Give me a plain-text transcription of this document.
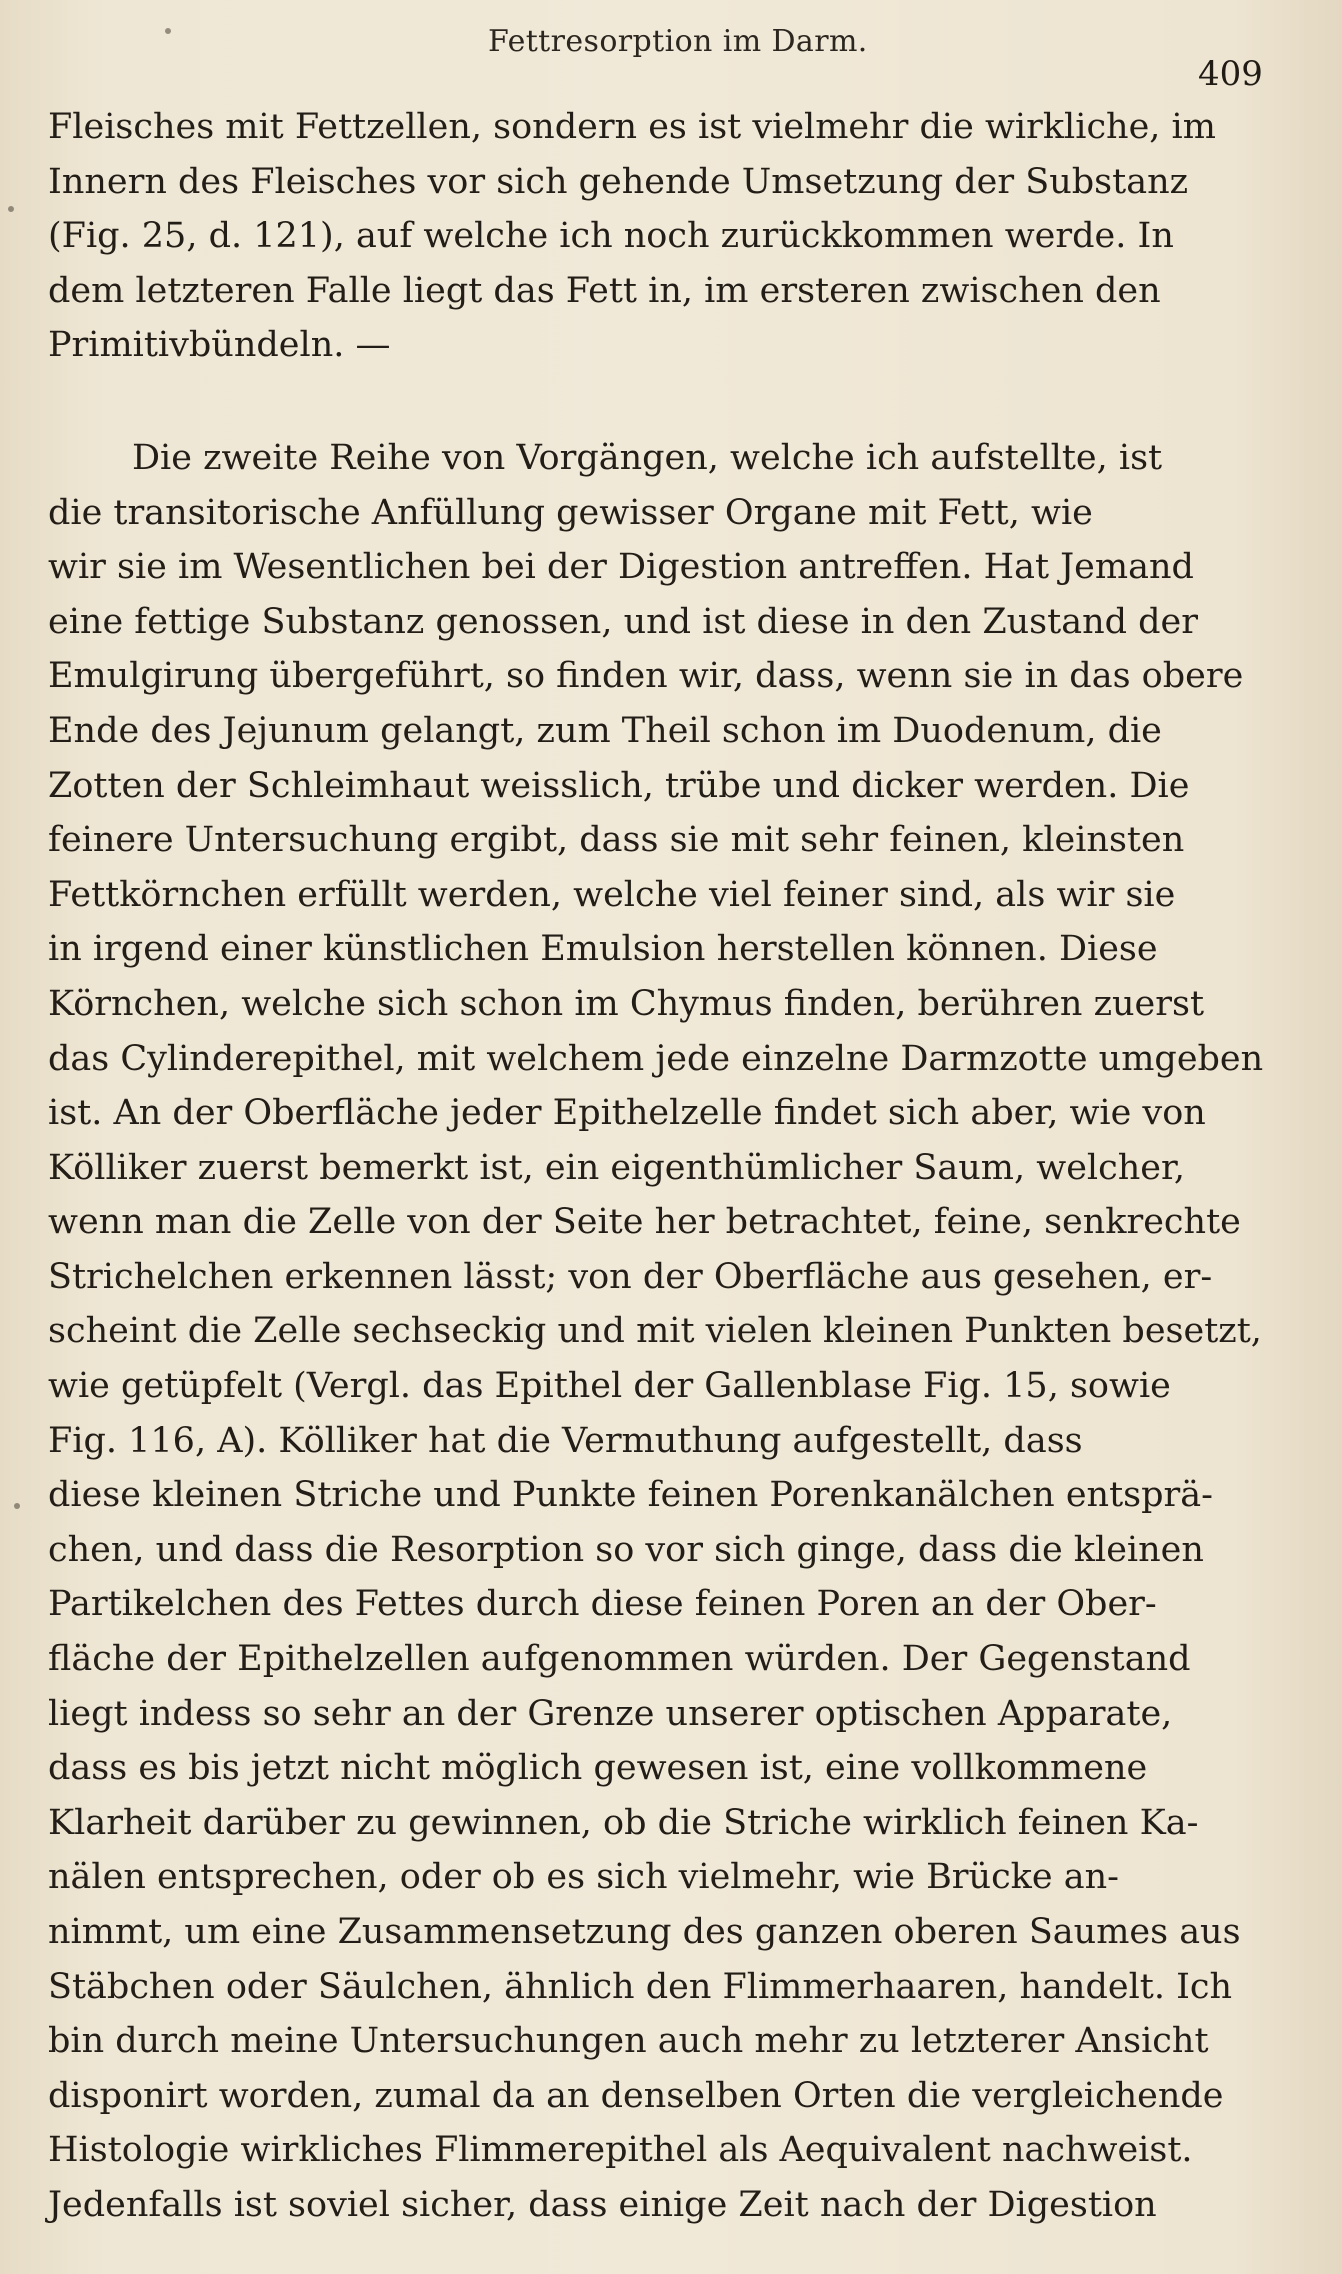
Fettresorption im Darm.
409
Fleisches mit Fettzellen, sondern es ist vielmehr die wirkliche, im
Innern des Fleisches vor sich gehende Umsetzung der Substanz
(Fig. 25, d. 121), auf welche ich noch zurückkommen werde. In
dem letzteren Falle liegt das Fett in, im ersteren zwischen den
Primitivbündeln. —
Die zweite Reihe von Vorgängen, welche ich aufstellte, ist
die transitorische Anfüllung gewisser Organe mit Fett, wie
wir sie im Wesentlichen bei der Digestion antreffen. Hat Jemand
eine fettige Substanz genossen, und ist diese in den Zustand der
Emulgirung übergeführt, so finden wir, dass, wenn sie in das obere
Ende des Jejunum gelangt, zum Theil schon im Duodenum, die
Zotten der Schleimhaut weisslich, trübe und dicker werden. Die
feinere Untersuchung ergibt, dass sie mit sehr feinen, kleinsten
Fettkörnchen erfüllt werden, welche viel feiner sind, als wir sie
in irgend einer künstlichen Emulsion herstellen können. Diese
Körnchen, welche sich schon im Chymus finden, berühren zuerst
das Cylinderepithel, mit welchem jede einzelne Darmzotte umgeben
ist. An der Oberfläche jeder Epithelzelle findet sich aber, wie von
Kölliker zuerst bemerkt ist, ein eigenthümlicher Saum, welcher,
wenn man die Zelle von der Seite her betrachtet, feine, senkrechte
Strichelchen erkennen lässt; von der Oberfläche aus gesehen, er-
scheint die Zelle sechseckig und mit vielen kleinen Punkten besetzt,
wie getüpfelt (Vergl. das Epithel der Gallenblase Fig. 15, sowie
Fig. 116, A). Kölliker hat die Vermuthung aufgestellt, dass
diese kleinen Striche und Punkte feinen Porenkanälchen entsprä-
chen, und dass die Resorption so vor sich ginge, dass die kleinen
Partikelchen des Fettes durch diese feinen Poren an der Ober-
fläche der Epithelzellen aufgenommen würden. Der Gegenstand
liegt indess so sehr an der Grenze unserer optischen Apparate,
dass es bis jetzt nicht möglich gewesen ist, eine vollkommene
Klarheit darüber zu gewinnen, ob die Striche wirklich feinen Ka-
nälen entsprechen, oder ob es sich vielmehr, wie Brücke an-
nimmt, um eine Zusammensetzung des ganzen oberen Saumes aus
Stäbchen oder Säulchen, ähnlich den Flimmerhaaren, handelt. Ich
bin durch meine Untersuchungen auch mehr zu letzterer Ansicht
disponirt worden, zumal da an denselben Orten die vergleichende
Histologie wirkliches Flimmerepithel als Aequivalent nachweist.
Jedenfalls ist soviel sicher, dass einige Zeit nach der Digestion
